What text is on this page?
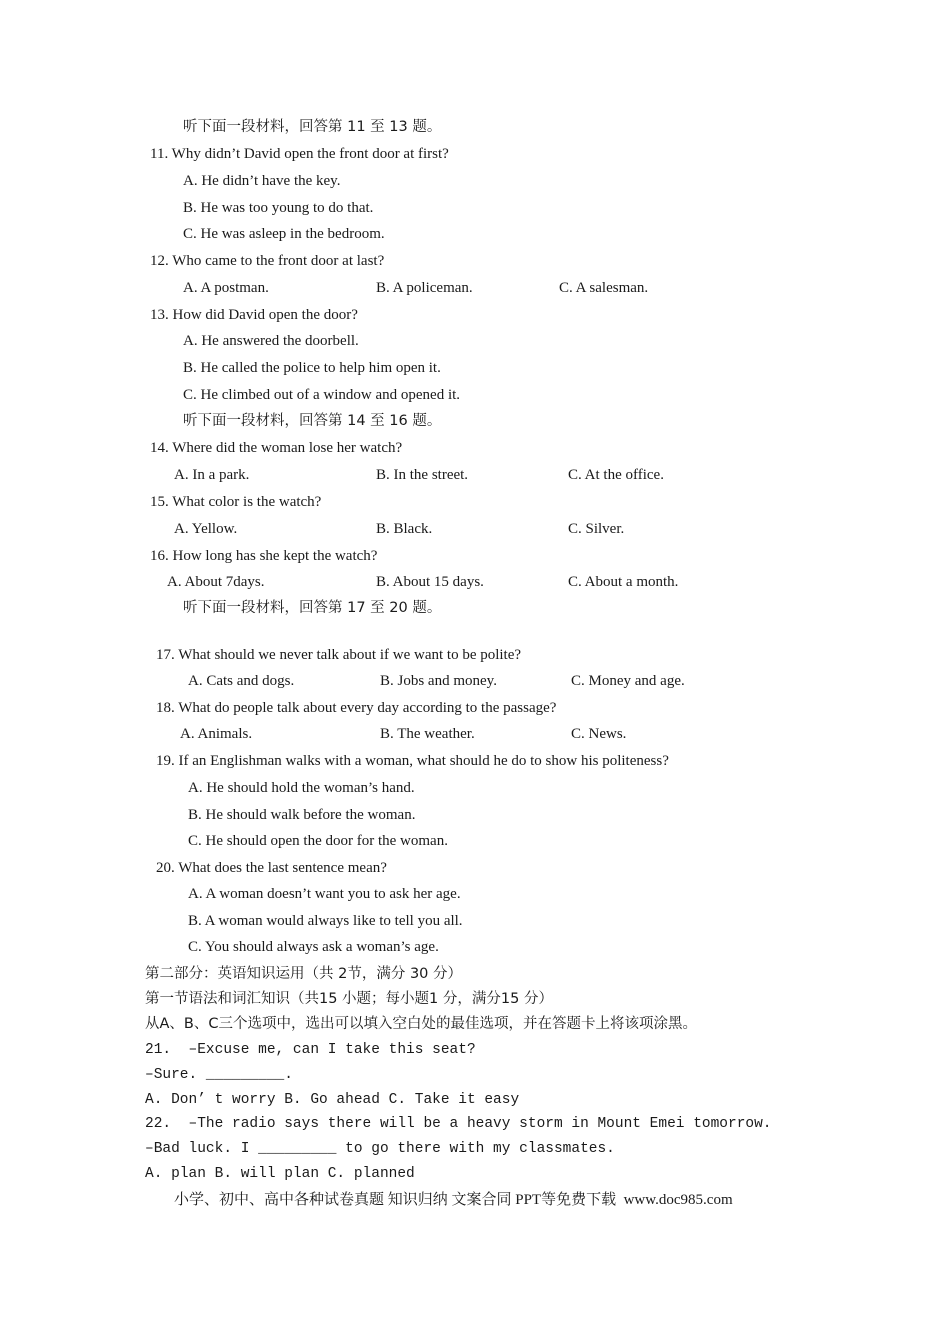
听下面一段材料，回答第 11 至 13 题。
11. Why didn’t David open the front door at first?
A. He didn’t have the key.
B. He was too young to do that.
C. He was asleep in the bedroom.
12. Who came to the front door at last?
A. A postman.	B. A policeman.	C. A salesman.
13. How did David open the door?
A. He answered the doorbell.
B. He called the police to help him open it.
C. He climbed out of a window and opened it.
听下面一段材料，回答第 14 至 16 题。
14. Where did the woman lose her watch?
A. In a park.	B. In the street.	C. At the office.
15. What color is the watch?
A. Yellow.	B. Black.	C. Silver.
16. How long has she kept the watch?
A. About 7days.	B. About 15 days.	C. About a month.
听下面一段材料，回答第 17 至 20 题。
17. What should we never talk about if we want to be polite?
A. Cats and dogs.	B. Jobs and money.	C. Money and age.
18. What do people talk about every day according to the passage?
A. Animals.	B. The weather.	C. News.
19. If an Englishman walks with a woman, what should he do to show his politeness?
A. He should hold the woman’s hand.
B. He should walk before the woman.
C. He should open the door for the woman.
20. What does the last sentence mean?
A. A woman doesn’t want you to ask her age.
B. A woman would always like to tell you all.
C. You should always ask a woman’s age.
第二部分：英语知识运用（共 2节，满分 30 分）
第一节语法和词汇知识（共15 小题；每小题1 分，满分15 分）
从A、B、C三个选项中，选出可以填入空白处的最佳选项，并在答题卡上将该项涂黑。
21.  –Excuse me, can I take this seat?
–Sure. _________.
A. Don’ t worry B. Go ahead C. Take it easy
22.  –The radio says there will be a heavy storm in Mount Emei tomorrow.
–Bad luck. I _________ to go there with my classmates.
A. plan B. will plan C. planned
小学、初中、高中各种试卷真题 知识归纳 文案合同 PPT等免费下载  www.doc985.com
